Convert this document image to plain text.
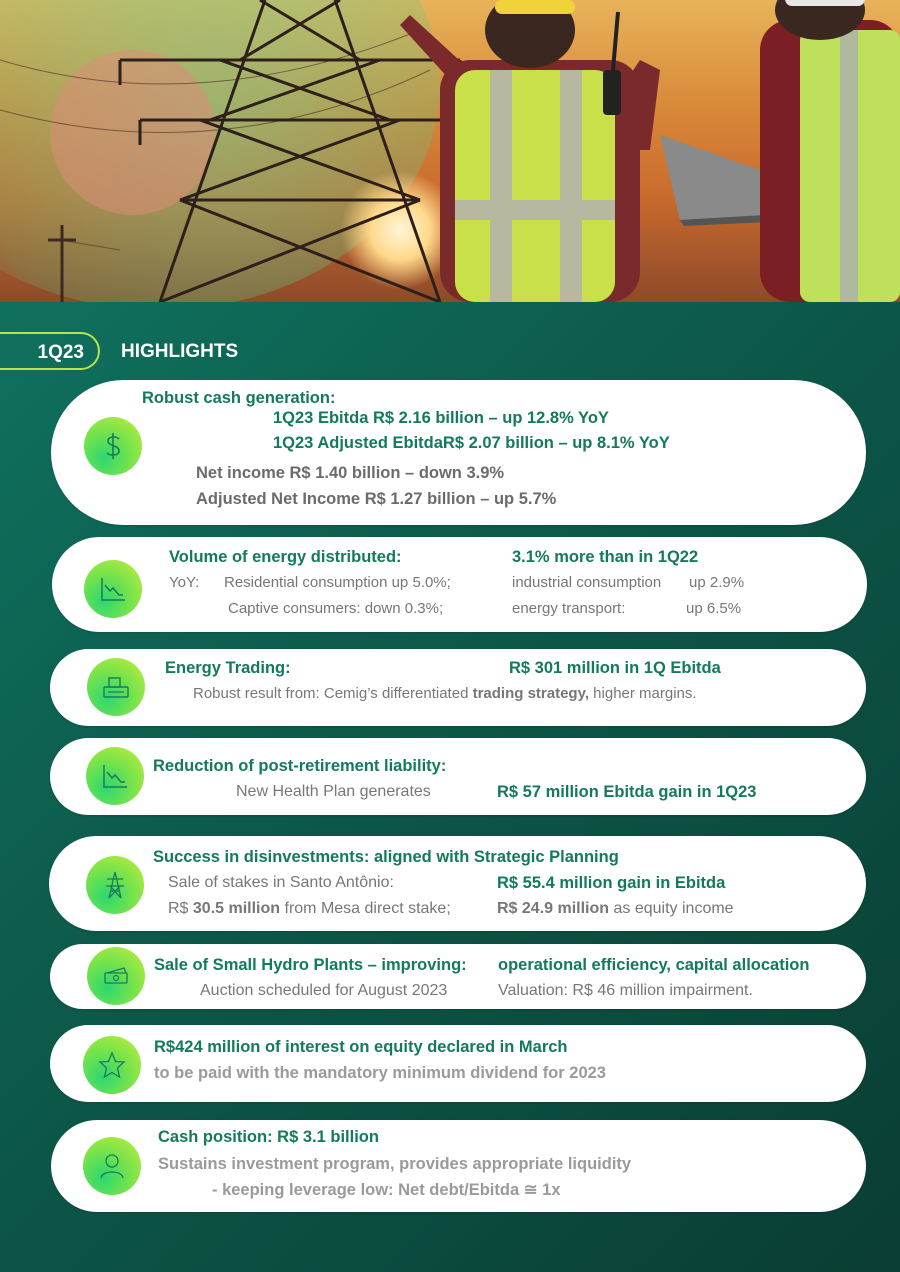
1Q23	HIGHLIGHTS
Robust cash generation:
1Q23 Ebitda R$ 2.16 billion – up 12.8% YoY
1Q23 Adjusted EbitdaR$ 2.07 billion – up 8.1% YoY
Net income R$ 1.40 billion – down 3.9%
Adjusted Net Income R$ 1.27 billion – up 5.7%
Volume of energy distributed:	3.1% more than in 1Q22
YoY: Residential consumption up 5.0%;	industrial consumption up 2.9%
Captive consumers: down 0.3%;	energy transport:	up 6.5%
Energy Trading:	R$ 301 million in 1Q Ebitda
Robust result from: Cemig’s differentiated trading strategy, higher margins.
Reduction of post-retirement liability:
New Health Plan generates	R$ 57 million Ebitda gain in 1Q23
Success in disinvestments: aligned with Strategic Planning
Sale of stakes in Santo Antônio:	R$ 55.4 million gain in Ebitda
R$ 30.5 million from Mesa direct stake;	R$ 24.9 million as equity income
Sale of Small Hydro Plants – improving: operational efficiency, capital allocation
Auction scheduled for August 2023	Valuation: R$ 46 million impairment.
R$424 million of interest on equity declared in March
to be paid with the mandatory minimum dividend for 2023
Cash position: R$ 3.1 billion
Sustains investment program, provides appropriate liquidity
- keeping leverage low: Net debt/Ebitda ≅ 1x
